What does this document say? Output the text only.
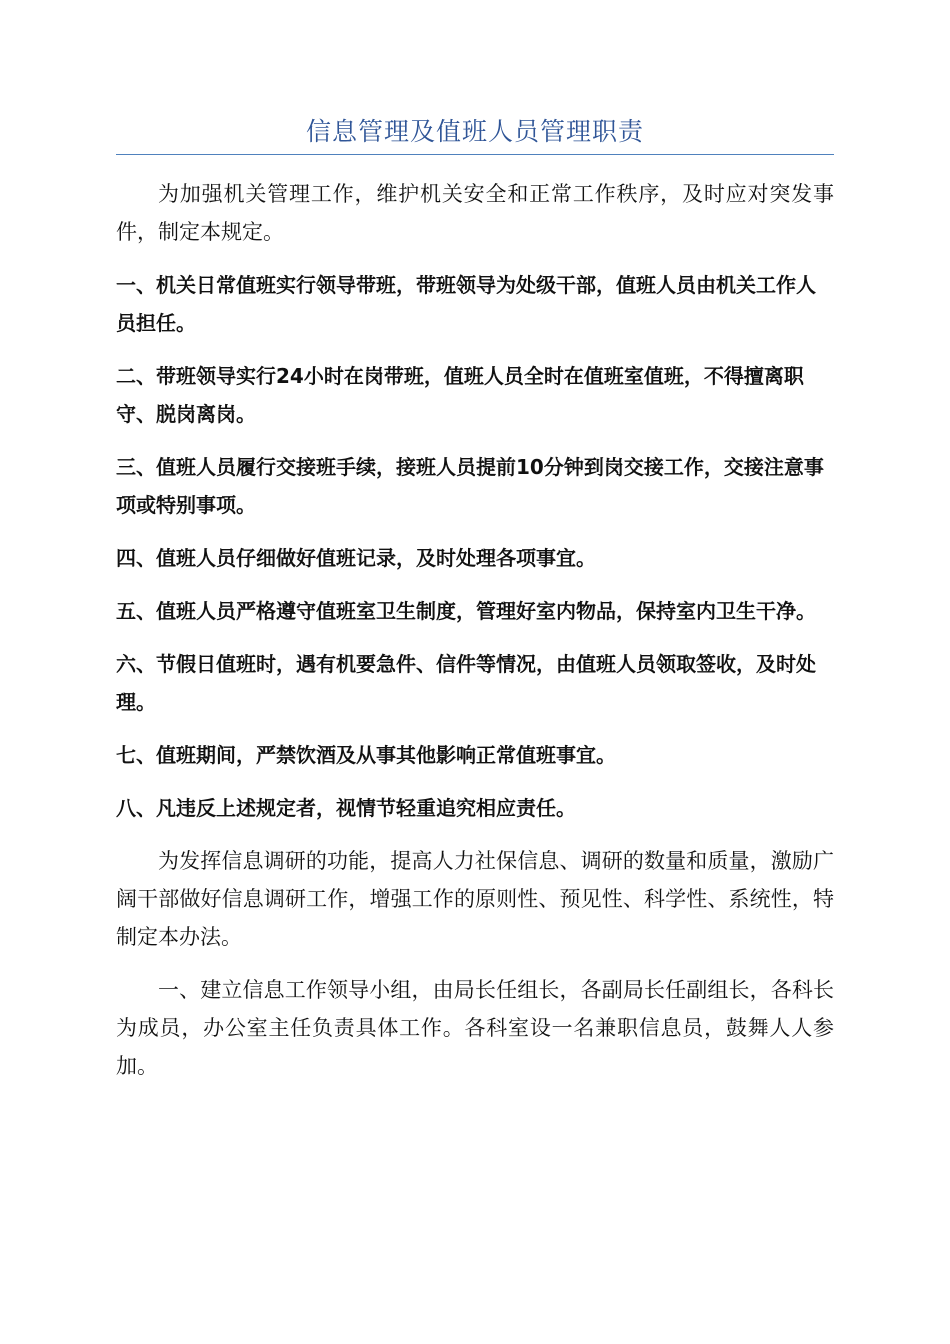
信息管理及值班人员管理职责

为加强机关管理工作，维护机关安全和正常工作秩序，及时应对突发事件，制定本规定。

一、机关日常值班实行领导带班，带班领导为处级干部，值班人员由机关工作人员担任。
二、带班领导实行24小时在岗带班，值班人员全时在值班室值班，不得擅离职守、脱岗离岗。
三、值班人员履行交接班手续，接班人员提前10分钟到岗交接工作，交接注意事项或特别事项。
四、值班人员仔细做好值班记录，及时处理各项事宜。
五、值班人员严格遵守值班室卫生制度，管理好室内物品，保持室内卫生干净。
六、节假日值班时，遇有机要急件、信件等情况，由值班人员领取签收，及时处理。
七、值班期间，严禁饮酒及从事其他影响正常值班事宜。
八、凡违反上述规定者，视情节轻重追究相应责任。

为发挥信息调研的功能，提高人力社保信息、调研的数量和质量，激励广阔干部做好信息调研工作，增强工作的原则性、预见性、科学性、系统性，特制定本办法。

一、建立信息工作领导小组，由局长任组长，各副局长任副组长，各科长为成员，办公室主任负责具体工作。各科室设一名兼职信息员，鼓舞人人参加。
